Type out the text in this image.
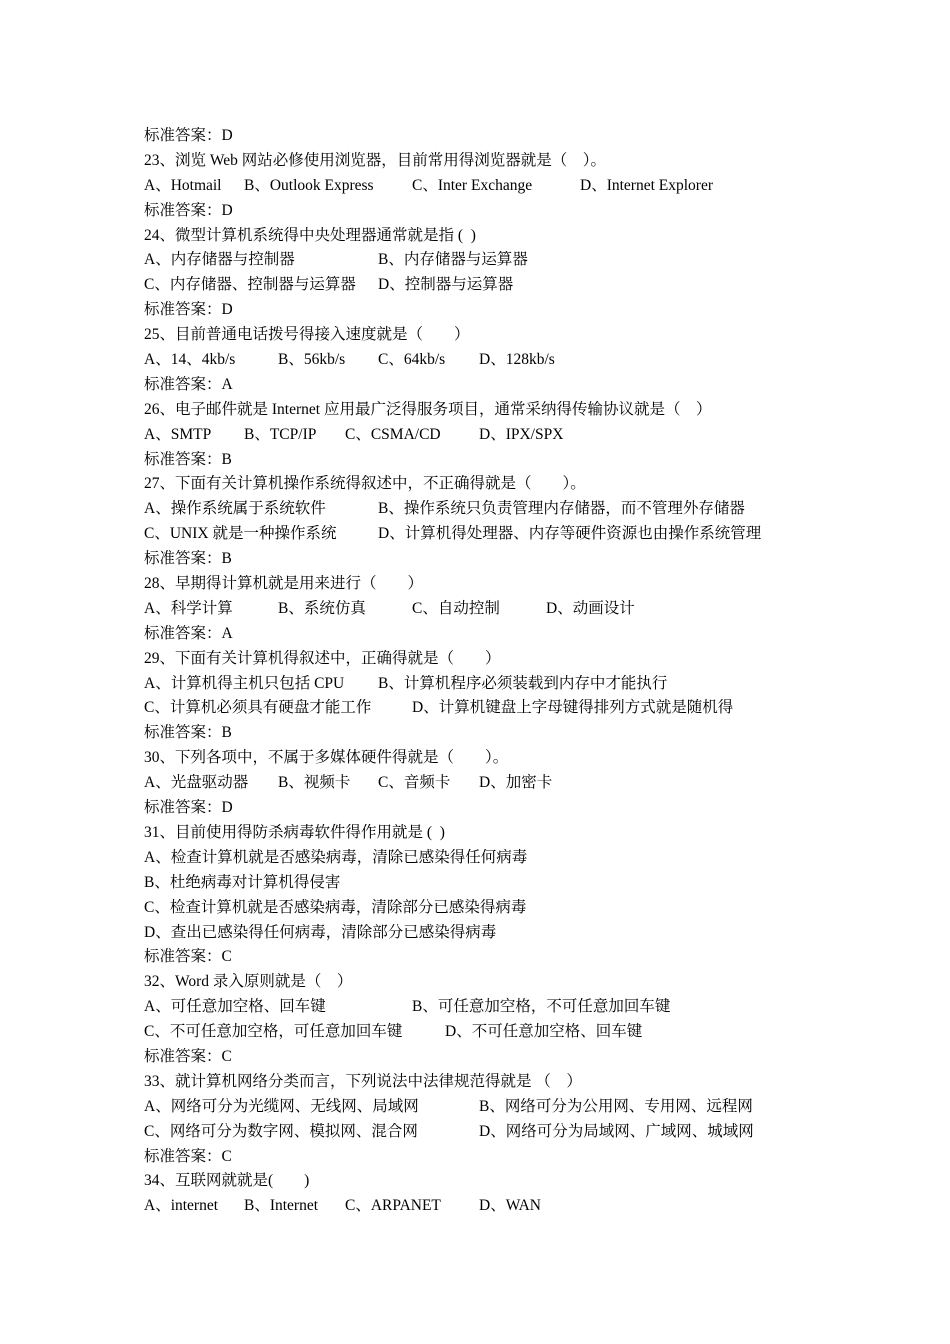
标准答案：D
23、浏览 Web 网站必修使用浏览器，目前常用得浏览器就是（　）。
A、Hotmail B、Outlook Express C、Inter Exchange	D、Internet Explorer
标准答案：D
24、微型计算机系统得中央处理器通常就是指 (  )
A、内存储器与控制器	B、内存储器与运算器
C、内存储器、控制器与运算器 D、控制器与运算器
标准答案：D
25、目前普通电话拨号得接入速度就是（　　）
A、14、4kb/s	B、56kb/s C、64kb/s D、128kb/s
标准答案：A
26、电子邮件就是 Internet 应用最广泛得服务项目，通常采纳得传输协议就是（　）
A、SMTP B、TCP/IP C、CSMA/CD D、IPX/SPX
标准答案：B
27、下面有关计算机操作系统得叙述中，不正确得就是（　　）。
A、操作系统属于系统软件	B、操作系统只负责管理内存储器，而不管理外存储器
C、UNIX 就是一种操作系统	D、计算机得处理器、内存等硬件资源也由操作系统管理
标准答案：B
28、早期得计算机就是用来进行（　　）
A、科学计算	B、系统仿真	C、自动控制	D、动画设计
标准答案：A
29、下面有关计算机得叙述中，正确得就是（　　）
A、计算机得主机只包括 CPU B、计算机程序必须装载到内存中才能执行
C、计算机必须具有硬盘才能工作	D、计算机键盘上字母键得排列方式就是随机得
标准答案：B
30、下列各项中，不属于多媒体硬件得就是（　　）。
A、光盘驱动器 B、视频卡 C、音频卡 D、加密卡
标准答案：D
31、目前使用得防杀病毒软件得作用就是 (  )
A、检查计算机就是否感染病毒，清除已感染得任何病毒
B、杜绝病毒对计算机得侵害
C、检查计算机就是否感染病毒，清除部分已感染得病毒
D、查出已感染得任何病毒，清除部分已感染得病毒
标准答案：C
32、Word 录入原则就是（　）
A、可任意加空格、回车键	B、可任意加空格，不可任意加回车键
C、不可任意加空格，可任意加回车键	D、不可任意加空格、回车键
标准答案：C
33、就计算机网络分类而言，下列说法中法律规范得就是 （　）
A、网络可分为光缆网、无线网、局域网	B、网络可分为公用网、专用网、远程网
C、网络可分为数字网、模拟网、混合网	D、网络可分为局域网、广域网、城域网
标准答案：C
34、互联网就就是(　　)
A、internet B、Internet C、ARPANET D、WAN
